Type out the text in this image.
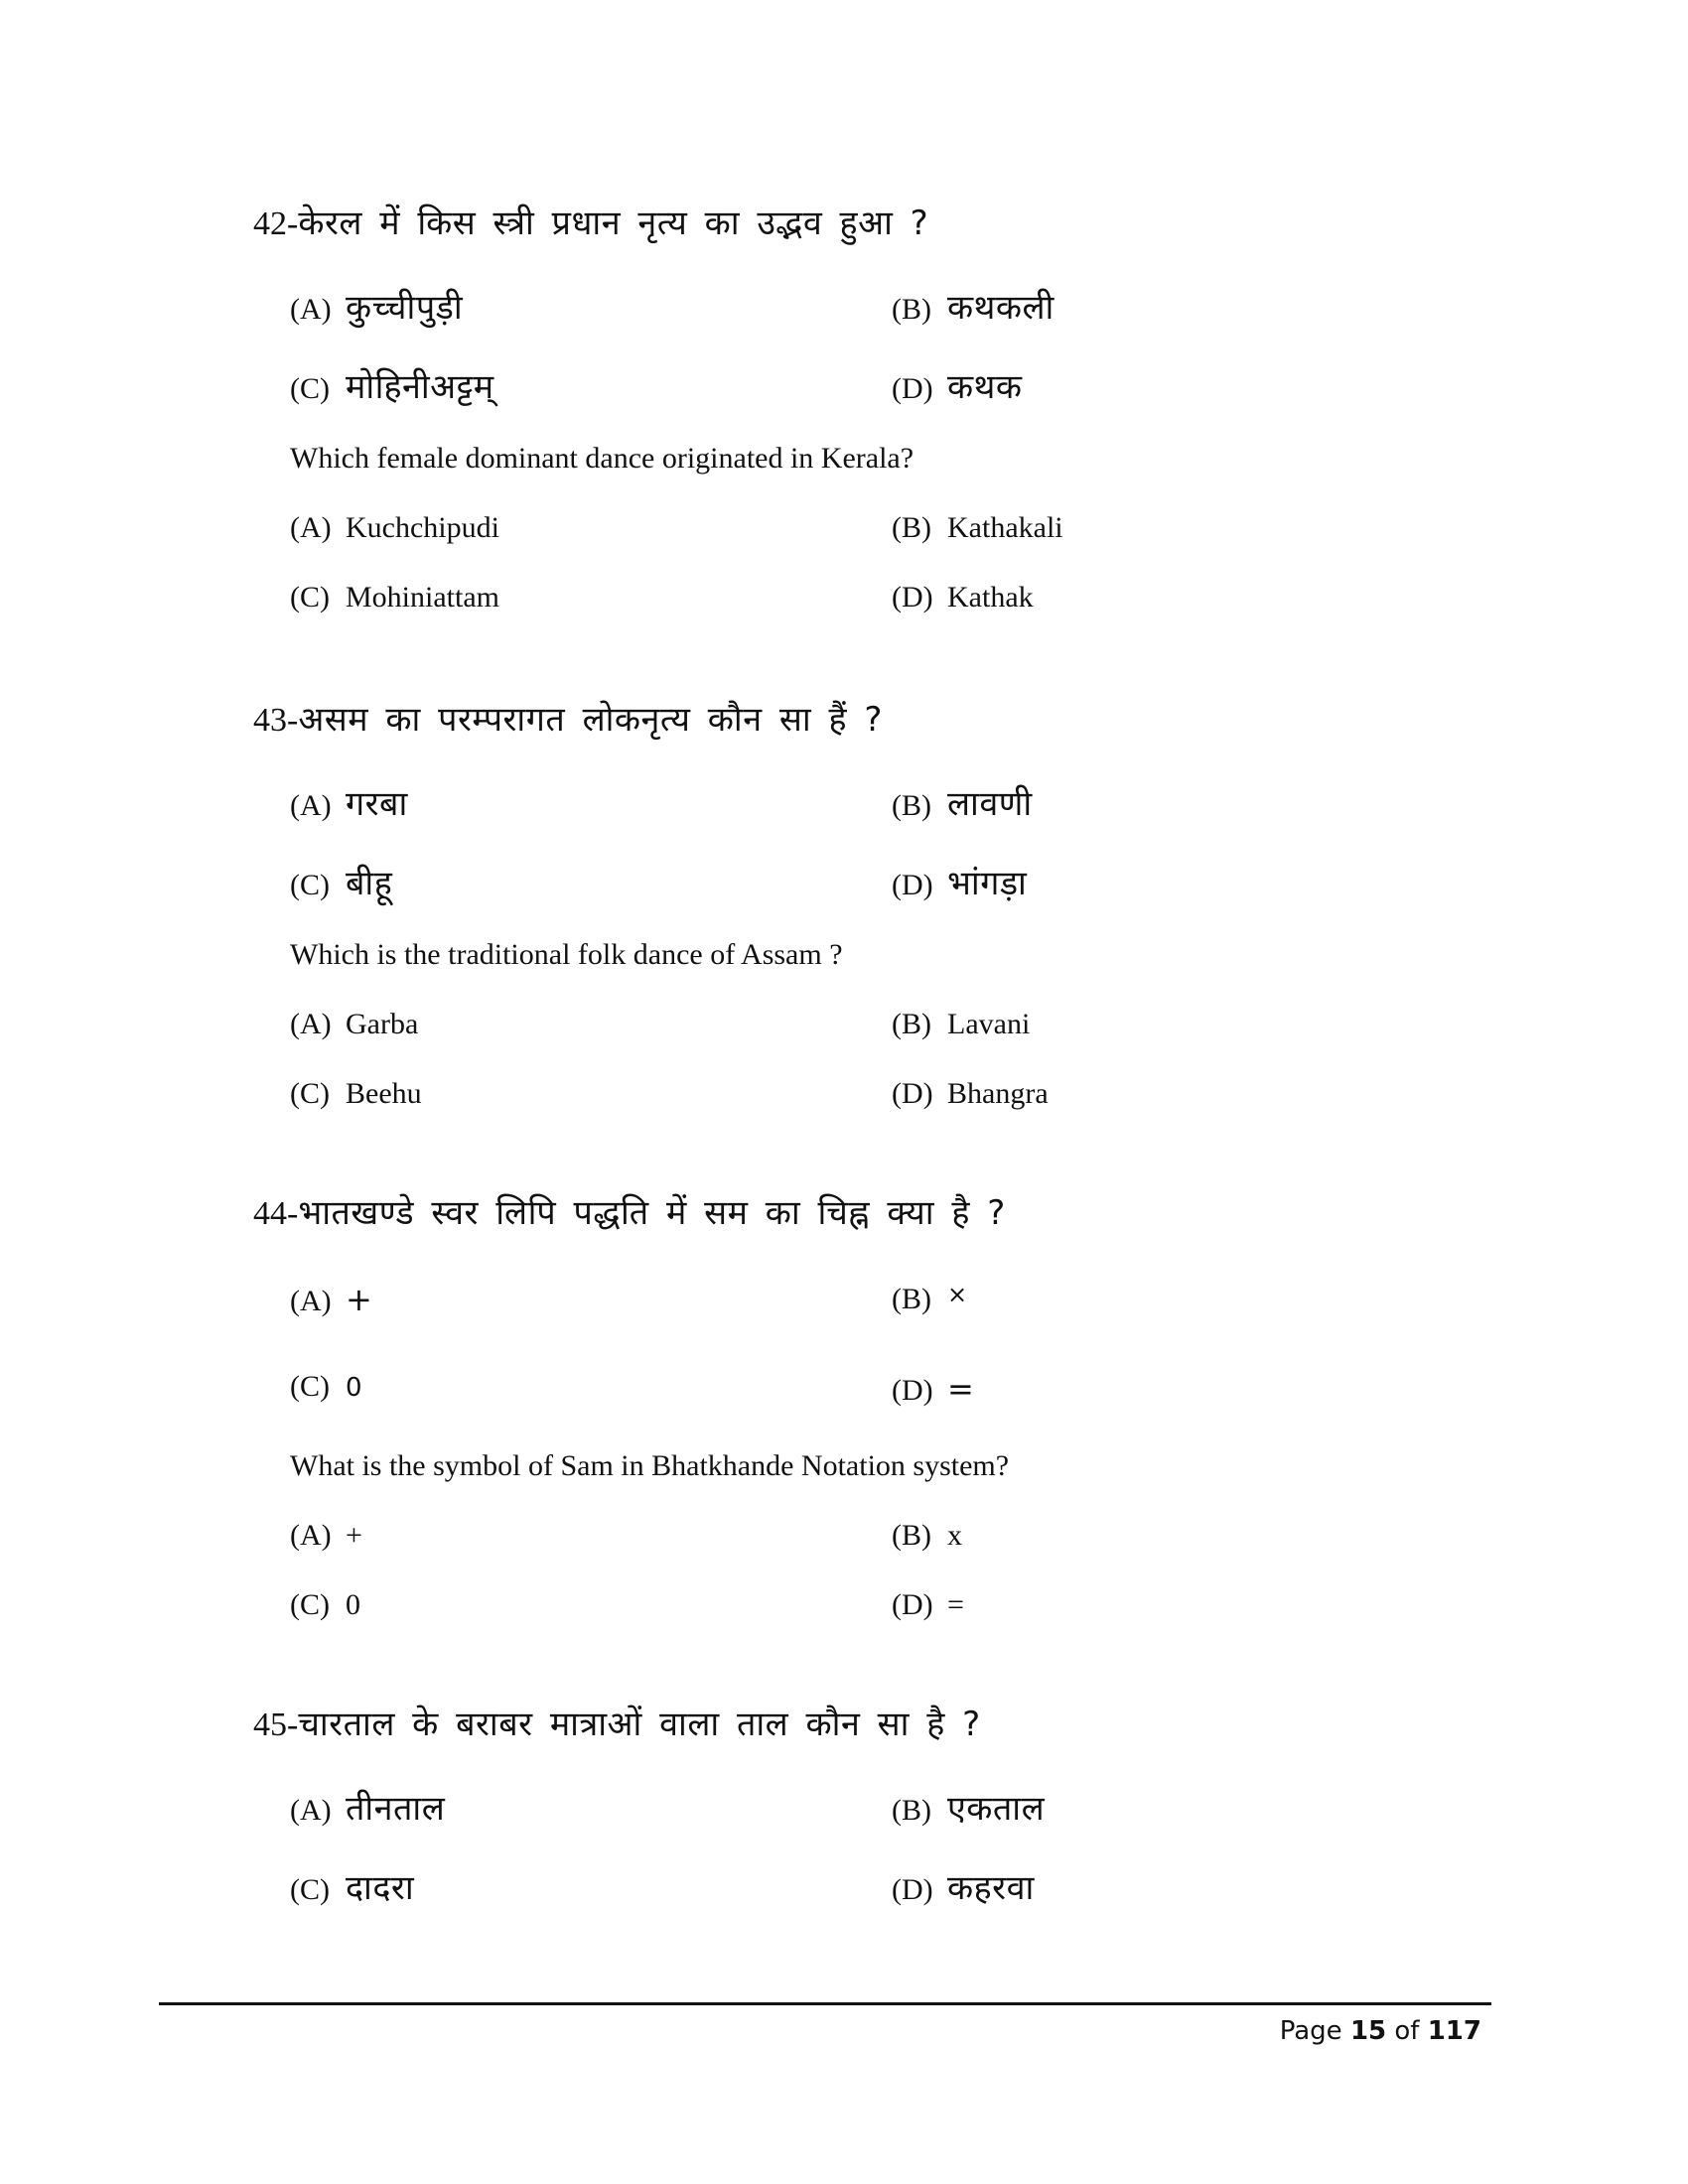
42-केरल में किस स्त्री प्रधान नृत्य का उद्भव हुआ ?
(A) कुच्चीपुड़ी	(B) कथकली
(C) मोहिनीअट्टम्	(D) कथक
Which female dominant dance originated in Kerala?
(A) Kuchchipudi	(B) Kathakali
(C) Mohiniattam	(D) Kathak
43-असम का परम्परागत लोकनृत्य कौन सा हैं ?
(A) गरबा	(B) लावणी
(C) बीहू	(D) भांगड़ा
Which is the traditional folk dance of Assam ?
(A) Garba	(B) Lavani
(C) Beehu	(D) Bhangra
44-भातखण्डे स्वर लिपि पद्धति में सम का चिह्न क्या है ?
(A) +	(B) ×
(C) 0	(D) =
What is the symbol of Sam in Bhatkhande Notation system?
(A) +	(B) x
(C) 0	(D) =
45-चारताल के बराबर मात्राओं वाला ताल कौन सा है ?
(A) तीनताल	(B) एकताल
(C) दादरा	(D) कहरवा
Page 15 of 117
